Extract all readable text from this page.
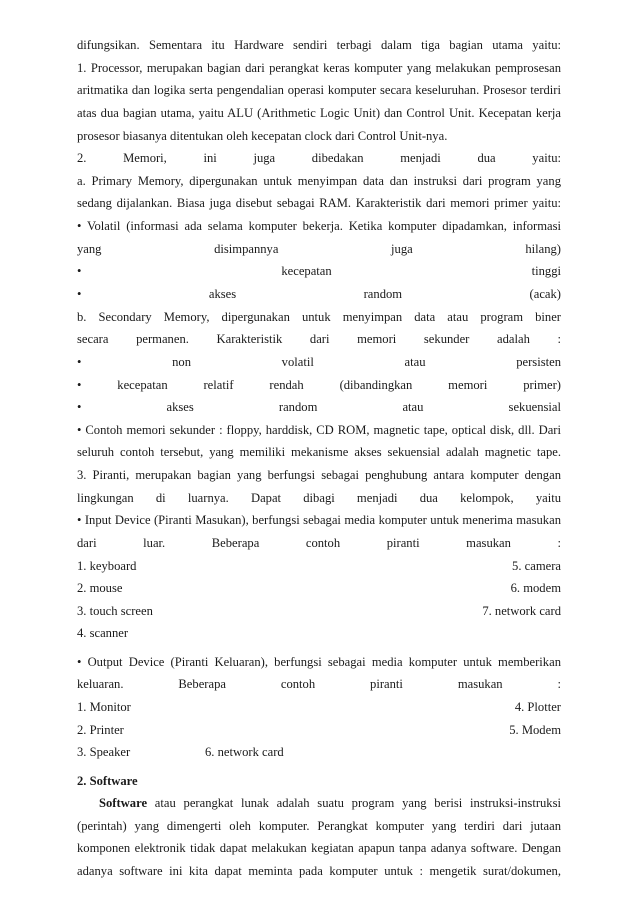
difungsikan. Sementara itu Hardware sendiri terbagi dalam tiga bagian utama yaitu:
1. Processor, merupakan bagian dari perangkat keras komputer yang melakukan pemprosesan
aritmatika dan logika serta pengendalian operasi komputer secara keseluruhan. Prosesor terdiri
atas dua bagian utama, yaitu ALU (Arithmetic Logic Unit) dan Control Unit. Kecepatan kerja
prosesor biasanya ditentukan oleh kecepatan clock dari Control Unit-nya.
2. Memori, ini juga dibedakan menjadi dua yaitu:
a. Primary Memory, dipergunakan untuk menyimpan data dan instruksi dari program yang
sedang dijalankan. Biasa juga disebut sebagai RAM. Karakteristik dari memori primer yaitu:
• Volatil (informasi ada selama komputer bekerja. Ketika komputer dipadamkan, informasi
yang disimpannya juga hilang)
• kecepatan tinggi
• akses random (acak)
b. Secondary Memory, dipergunakan untuk menyimpan data atau program biner
secara permanen. Karakteristik dari memori sekunder adalah :
• non volatil atau persisten
• kecepatan relatif rendah (dibandingkan memori primer)
• akses random atau sekuensial
• Contoh memori sekunder : floppy, harddisk, CD ROM, magnetic tape, optical disk, dll. Dari
seluruh contoh tersebut, yang memiliki mekanisme akses sekuensial adalah magnetic tape.
3. Piranti, merupakan bagian yang berfungsi sebagai penghubung antara komputer dengan
lingkungan di luarnya. Dapat dibagi menjadi dua kelompok, yaitu
• Input Device (Piranti Masukan), berfungsi sebagai media komputer untuk menerima masukan
dari luar. Beberapa contoh piranti masukan :
1. keyboard	5. camera
2. mouse	6. modem
3. touch screen	7. network card
4. scanner
• Output Device (Piranti Keluaran), berfungsi sebagai media komputer untuk memberikan
keluaran. Beberapa contoh piranti masukan :
1. Monitor	4. Plotter
2. Printer	5. Modem
3. Speaker	6. network card
2. Software
Software atau perangkat lunak adalah suatu program yang berisi instruksi-instruksi
(perintah) yang dimengerti oleh komputer. Perangkat komputer yang terdiri dari jutaan
komponen elektronik tidak dapat melakukan kegiatan apapun tanpa adanya software. Dengan
adanya software ini kita dapat meminta pada komputer untuk : mengetik surat/dokumen,
